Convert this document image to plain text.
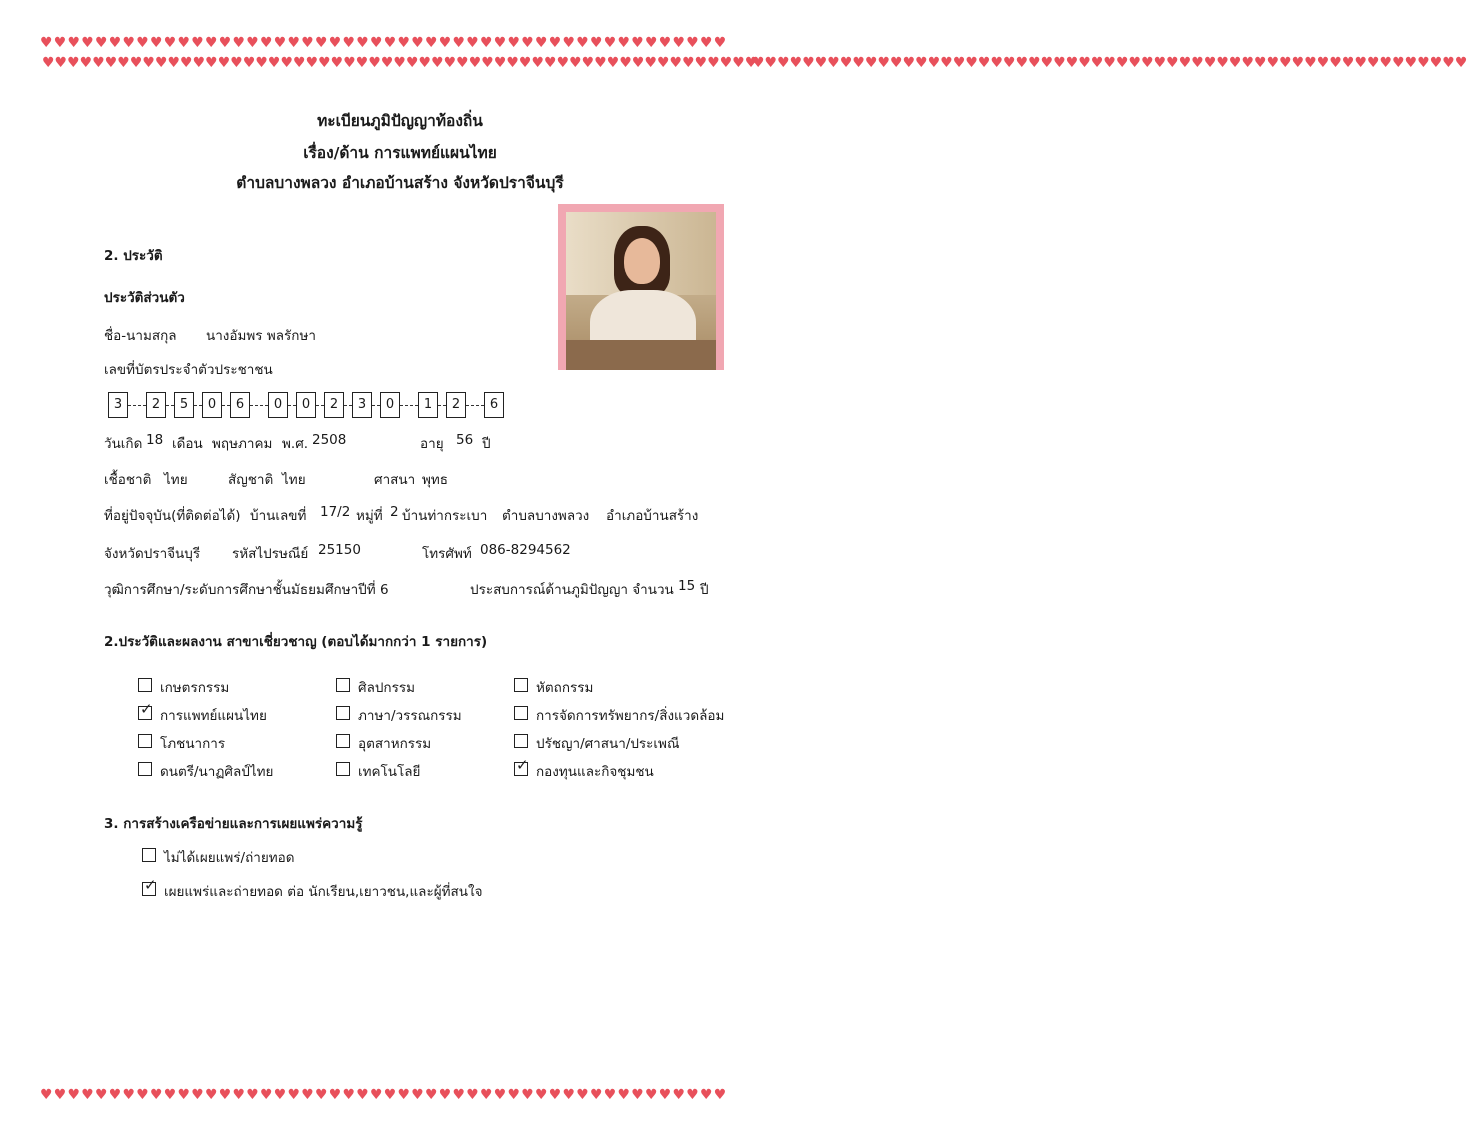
♥♥♥♥♥♥♥♥♥♥♥♥♥♥♥♥♥♥♥♥♥♥♥♥♥♥♥♥♥♥♥♥♥♥♥♥♥♥♥♥♥♥♥♥♥♥♥♥♥♥
♥♥♥♥♥♥♥♥♥♥♥♥♥♥♥♥♥♥♥♥♥♥♥♥♥♥♥♥♥♥♥♥♥♥♥♥♥♥♥♥♥♥♥♥♥♥♥♥♥♥
♥♥♥♥♥♥♥♥♥♥♥♥♥♥♥♥♥♥♥♥♥♥♥♥♥♥♥♥♥♥♥♥♥♥♥♥♥♥♥♥♥♥♥♥♥♥♥♥♥♥♥♥♥♥♥♥♥
♥♥♥♥♥♥♥♥♥♥♥♥♥♥♥♥♥♥♥♥♥♥♥♥♥♥♥♥♥♥♥♥♥♥♥♥♥♥♥♥♥♥♥♥♥♥♥♥♥♥♥♥♥♥♥♥♥
ทะเบียนภูมิปัญญาท้องถิ่น
เรื่อง/ด้าน การแพทย์แผนไทย
ตำบลบางพลวง อำเภอบ้านสร้าง จังหวัดปราจีนบุรี
2. ประวัติ
ประวัติส่วนตัว
ชื่อ-นามสกุล นางอัมพร พลรักษา
เลขที่บัตรประจำตัวประชาชน
3	2	5	0	6	0	0	2	3	0	1	2	6
วันเกิด 18 เดือน พฤษภาคม พ.ศ. 2508	อายุ 56 ปี
เชื้อชาติ ไทย	สัญชาติ ไทย	ศาสนา พุทธ
ที่อยู่ปัจจุบัน(ที่ติดต่อได้) บ้านเลขที่ 17/2 หมู่ที่ 2 บ้านท่ากระเบา ตำบลบางพลวง อำเภอบ้านสร้าง
จังหวัดปราจีนบุรี รหัสไปรษณีย์ 25150	โทรศัพท์ 086-8294562
วุฒิการศึกษา/ระดับการศึกษาชั้นมัธยมศึกษาปีที่ 6	ประสบการณ์ด้านภูมิปัญญา จำนวน 15 ปี
2.ประวัติและผลงาน สาขาเชี่ยวชาญ (ตอบได้มากกว่า 1 รายการ)
เกษตรกรรม	ศิลปกรรม	หัตถกรรม
✓ การแพทย์แผนไทย	ภาษา/วรรณกรรม	การจัดการทรัพยากร/สิ่งแวดล้อม
โภชนาการ	อุตสาหกรรม	ปรัชญา/ศาสนา/ประเพณี
ดนตรี/นาฏศิลป์ไทย	เทคโนโลยี	✓ กองทุนและกิจชุมชน
3. การสร้างเครือข่ายและการเผยแพร่ความรู้
ไม่ได้เผยแพร่/ถ่ายทอด
✓ เผยแพร่และถ่ายทอด ต่อ นักเรียน,เยาวชน,และผู้ที่สนใจ
